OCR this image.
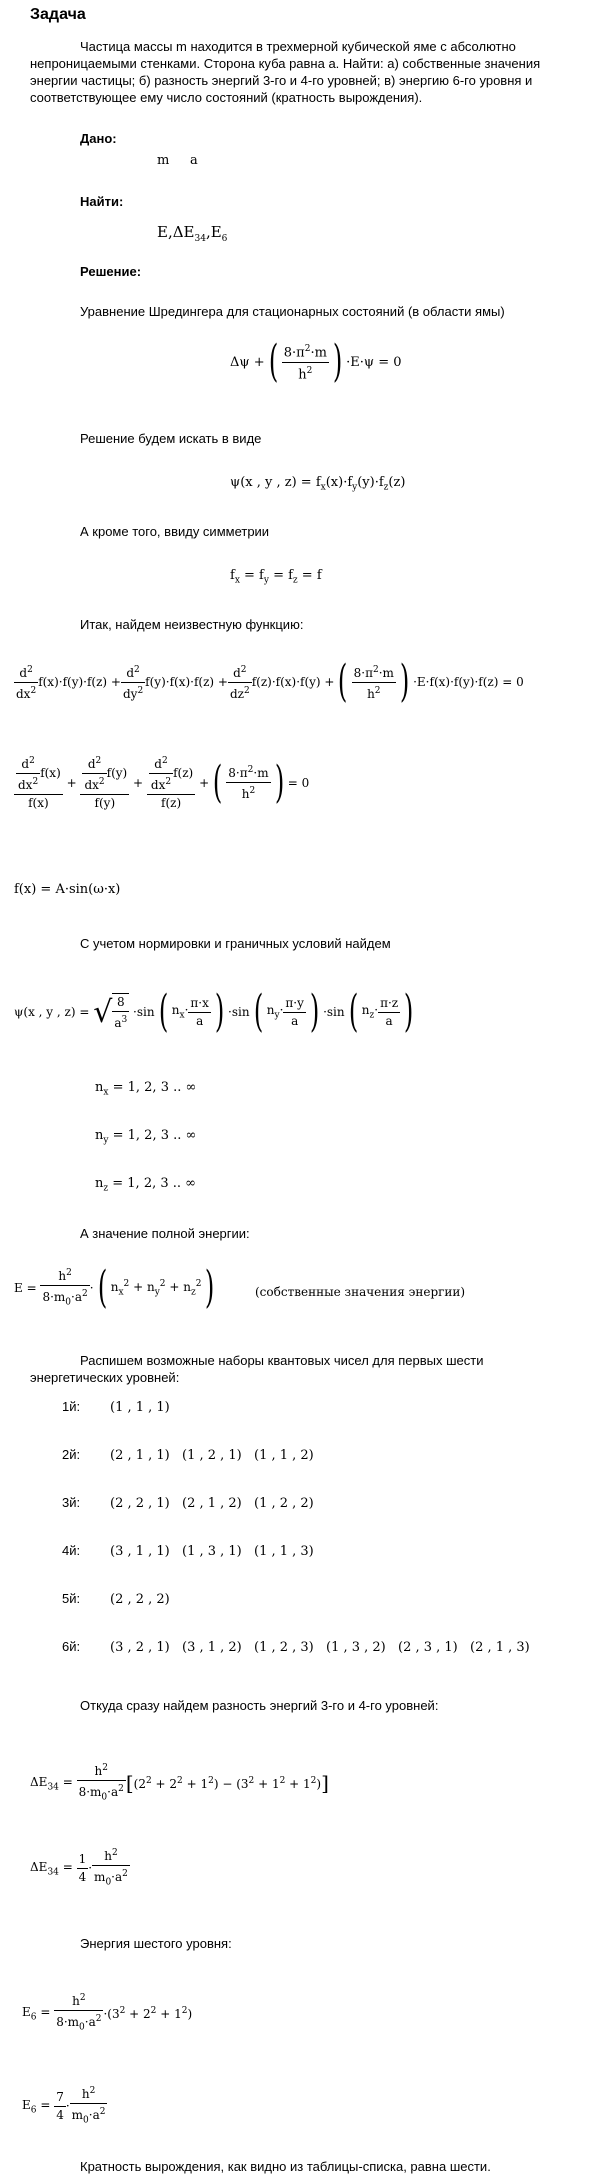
Задача
Частица массы m находится в трехмерной кубической яме с абсолютно
непроницаемыми стенками. Сторона куба равна a. Найти: а) собственные значения
энергии частицы; б) разность энергий 3-го и 4-го уровней; в) энергию 6-го уровня и
соответствующее ему число состояний (кратность вырождения).
Дано:
m a
Найти:
$E,\Delta E_{34},E_6$
Решение:
Уравнение Шредингера для стационарных состояний (в области ямы)
Δψ + ( $\frac{8\cdot\pi^2\cdot m}{h^2}$ ) ·E·ψ = 0
Решение будем искать в виде
ψ(x , y , $z) = f_x(x)\cdot f_y(y)\cdot f_z(z)$
А кроме того, ввиду симметрии
$f_x = f_y = f_z = f$
Итак, найдем неизвестную функцию:
$\frac{d^2}{dx^2} f(x)\cdot f(y)\cdot f(z) + \frac{d^2}{dy^2} f(y)\cdot f(x)\cdot f(z) + \frac{d^2}{dz^2} f(z)\cdot f(x)\cdot f(y)$ + ( $\frac{8\cdot\pi^2\cdot m}{h^2}$ ) ·E·f(x)·f(y)·f(z) = 0
$\frac{\frac{d^2}{dx^2} f(x)}{f(x)} + \frac{\frac{d^2}{dx^2} f(y)}{f(y)} + \frac{\frac{d^2}{dx^2} f(z)}{f(z)}$ + ( $\frac{8\cdot\pi^2\cdot m}{h^2}$ ) = 0
f(x) = A·sin(ω·x)
С учетом нормировки и граничных условий найдем
ψ(x , y , z) = √ $\frac{8}{a^3} \cdot\sin$ ( $n_x\cdot \frac{\pi\cdot x}{a}$ ) ·sin ( $n_y\cdot \frac{\pi\cdot y}{a}$ ) ·sin ( $n_z\cdot \frac{\pi\cdot z}{a}$ )
$n_x = 1$, 2, 3 .. ∞
$n_y = 1$, 2, 3 .. ∞
$n_z = 1$, 2, 3 .. ∞
А значение полной энергии:
$E = \frac{h^2}{8\cdot m_0\cdot a^2}$ · ( $n_x^2 + n_y^2 + n_z^2$ )	(собственные значения энергии)
Распишем возможные наборы квантовых чисел для первых шести
энергетических уровней:
1й: (1 , 1 , 1)
2й: (2 , 1 , 1) (1 , 2 , 1) (1 , 1 , 2)
3й: (2 , 2 , 1) (2 , 1 , 2) (1 , 2 , 2)
4й: (3 , 1 , 1) (1 , 3 , 1) (1 , 1 , 3)
5й: (2 , 2 , 2)
6й: (3 , 2 , 1) (3 , 1 , 2) (1 , 2 , 3) (1 , 3 , 2) (2 , 3 , 1) (2 , 1 , 3)
Откуда сразу найдем разность энергий 3-го и 4-го уровней:
$\Delta E_{34} = \frac{h^2}{8\cdot m_0\cdot a^2}$ [ $(2^2 + 2^2 + 1^2) - (3^2 + 1^2 + 1^2)$ ]
$\Delta E_{34} = \frac{1}{4} \cdot \frac{h^2}{m_0\cdot a^2}$
Энергия шестого уровня:
$E_6 = \frac{h^2}{8\cdot m_0\cdot a^2} \cdot(3^2 + 2^2 + 1^2)$
$E_6 = \frac{7}{4} \cdot \frac{h^2}{m_0\cdot a^2}$
Кратность вырождения, как видно из таблицы-списка, равна шести.
